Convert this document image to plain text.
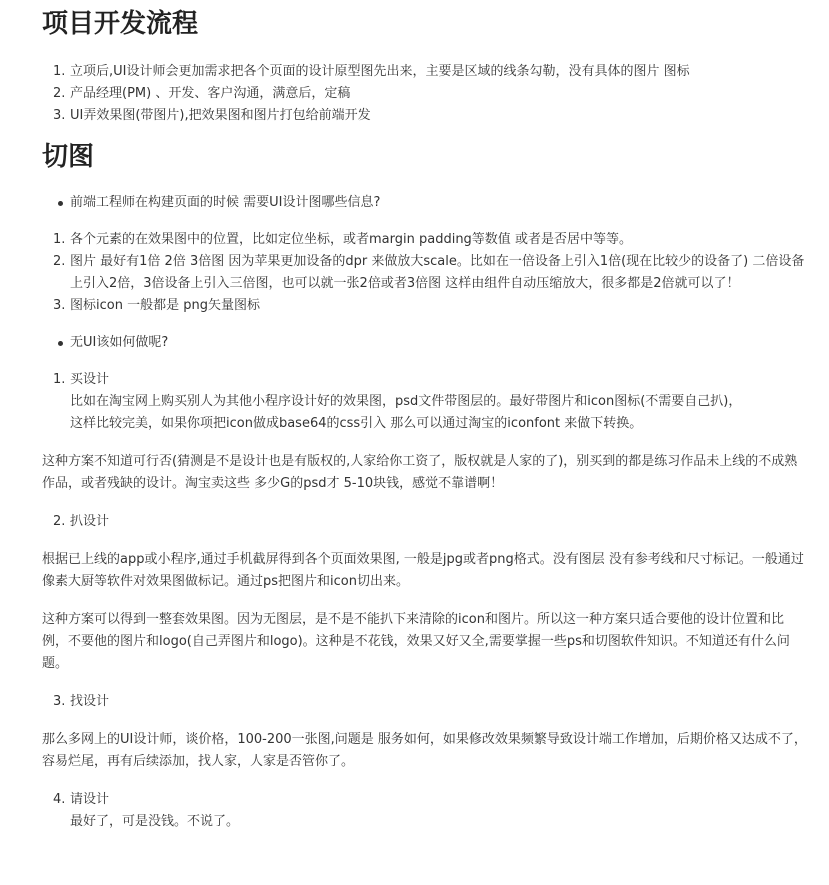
项目开发流程
1. 立项后,UI设计师会更加需求把各个页面的设计原型图先出来，主要是区域的线条勾勒，没有具体的图片 图标
2. 产品经理(PM) 、开发、客户沟通，满意后，定稿
3. UI弄效果图(带图片),把效果图和图片打包给前端开发
切图
前端工程师在构建页面的时候 需要UI设计图哪些信息?
1. 各个元素的在效果图中的位置，比如定位坐标，或者margin padding等数值 或者是否居中等等。
2. 图片 最好有1倍 2倍 3倍图 因为苹果更加设备的dpr 来做放大scale。比如在一倍设备上引入1倍(现在比较少的设备了) 二倍设备上引入2倍，3倍设备上引入三倍图，也可以就一张2倍或者3倍图 这样由组件自动压缩放大，很多都是2倍就可以了！
3. 图标icon 一般都是 png矢量图标
无UI该如何做呢?
1. 买设计
比如在淘宝网上购买别人为其他小程序设计好的效果图，psd文件带图层的。最好带图片和icon图标(不需要自己扒)，
这样比较完美，如果你项把icon做成base64的css引入 那么可以通过淘宝的iconfont 来做下转换。

这种方案不知道可行否(猜测是不是设计也是有版权的,人家给你工资了，版权就是人家的了)，别买到的都是练习作品未上线的不成熟作品，或者残缺的设计。淘宝卖这些 多少G的psd才 5-10块钱，感觉不靠谱啊！

2. 扒设计

根据已上线的app或小程序,通过手机截屏得到各个页面效果图, 一般是jpg或者png格式。没有图层 没有参考线和尺寸标记。一般通过像素大厨等软件对效果图做标记。通过ps把图片和icon切出来。

这种方案可以得到一整套效果图。因为无图层，是不是不能扒下来清除的icon和图片。所以这一种方案只适合要他的设计位置和比例，不要他的图片和logo(自己弄图片和logo)。这种是不花钱，效果又好又全,需要掌握一些ps和切图软件知识。不知道还有什么问题。

3. 找设计

那么多网上的UI设计师，谈价格，100-200一张图,问题是 服务如何，如果修改效果频繁导致设计端工作增加，后期价格又达成不了，容易烂尾，再有后续添加，找人家，人家是否管你了。

4. 请设计
最好了，可是没钱。不说了。
